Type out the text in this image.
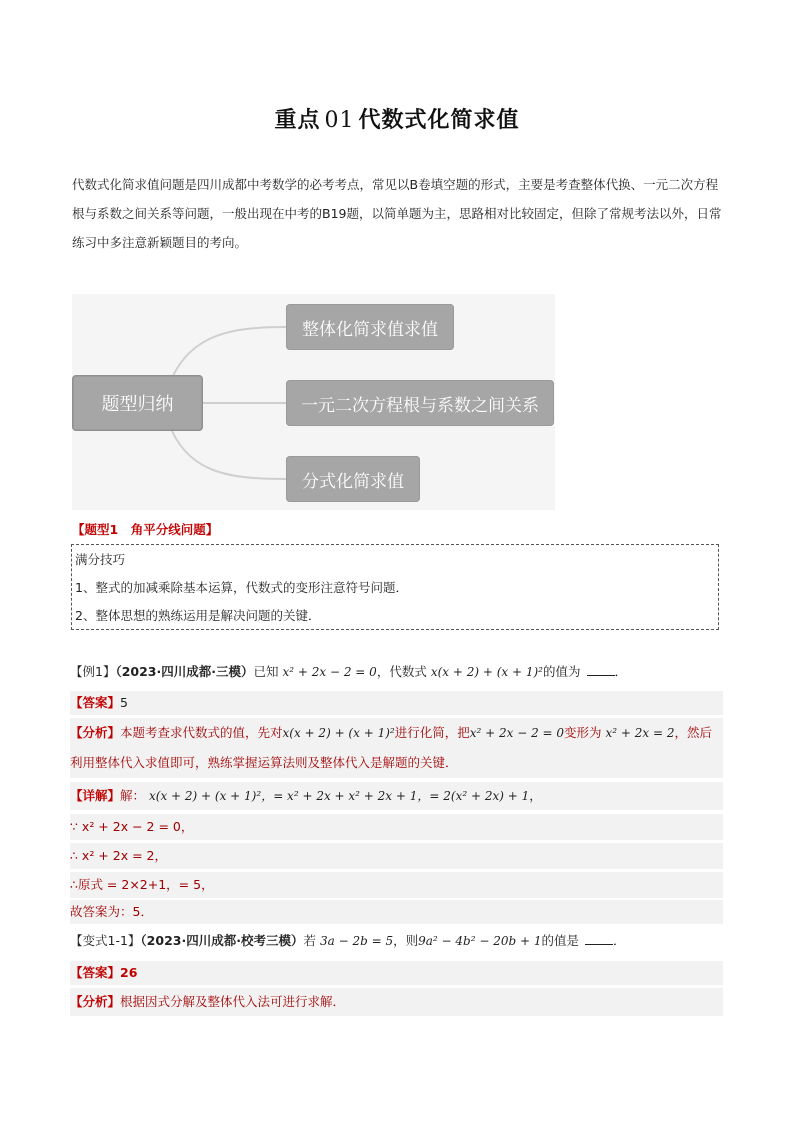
重点 01 代数式化简求值
代数式化简求值问题是四川成都中考数学的必考考点，常见以B卷填空题的形式，主要是考查整体代换、一元二次方程根与系数之间关系等问题，一般出现在中考的B19题，以简单题为主，思路相对比较固定，但除了常规考法以外，日常练习中多注意新颖题目的考向。
题型归纳
整体化简求值求值
一元二次方程根与系数之间关系
分式化简求值
【题型1　角平分线问题】
满分技巧
1、整式的加减乘除基本运算，代数式的变形注意符号问题．
2、整体思想的熟练运用是解决问题的关键．
【例1】（2023·四川成都·三模）已知 x² + 2x − 2 = 0，代数式 x(x + 2) + (x + 1)²的值为	．
【答案】5
【分析】本题考查求代数式的值，先对x(x + 2) + (x + 1)²进行化简，把x² + 2x − 2 = 0变形为 x² + 2x = 2，然后
利用整体代入求值即可，熟练掌握运算法则及整体代入是解题的关键．
【详解】解： x(x + 2) + (x + 1)²，= x² + 2x + x² + 2x + 1，= 2(x² + 2x) + 1，
∵ x² + 2x − 2 = 0，
∴ x² + 2x = 2，
∴原式 = 2×2+1，= 5，
故答案为：5．
【变式1-1】（2023·四川成都·校考三模）若 3a − 2b = 5，则9a² − 4b² − 20b + 1的值是	．
【答案】26
【分析】根据因式分解及整体代入法可进行求解．
